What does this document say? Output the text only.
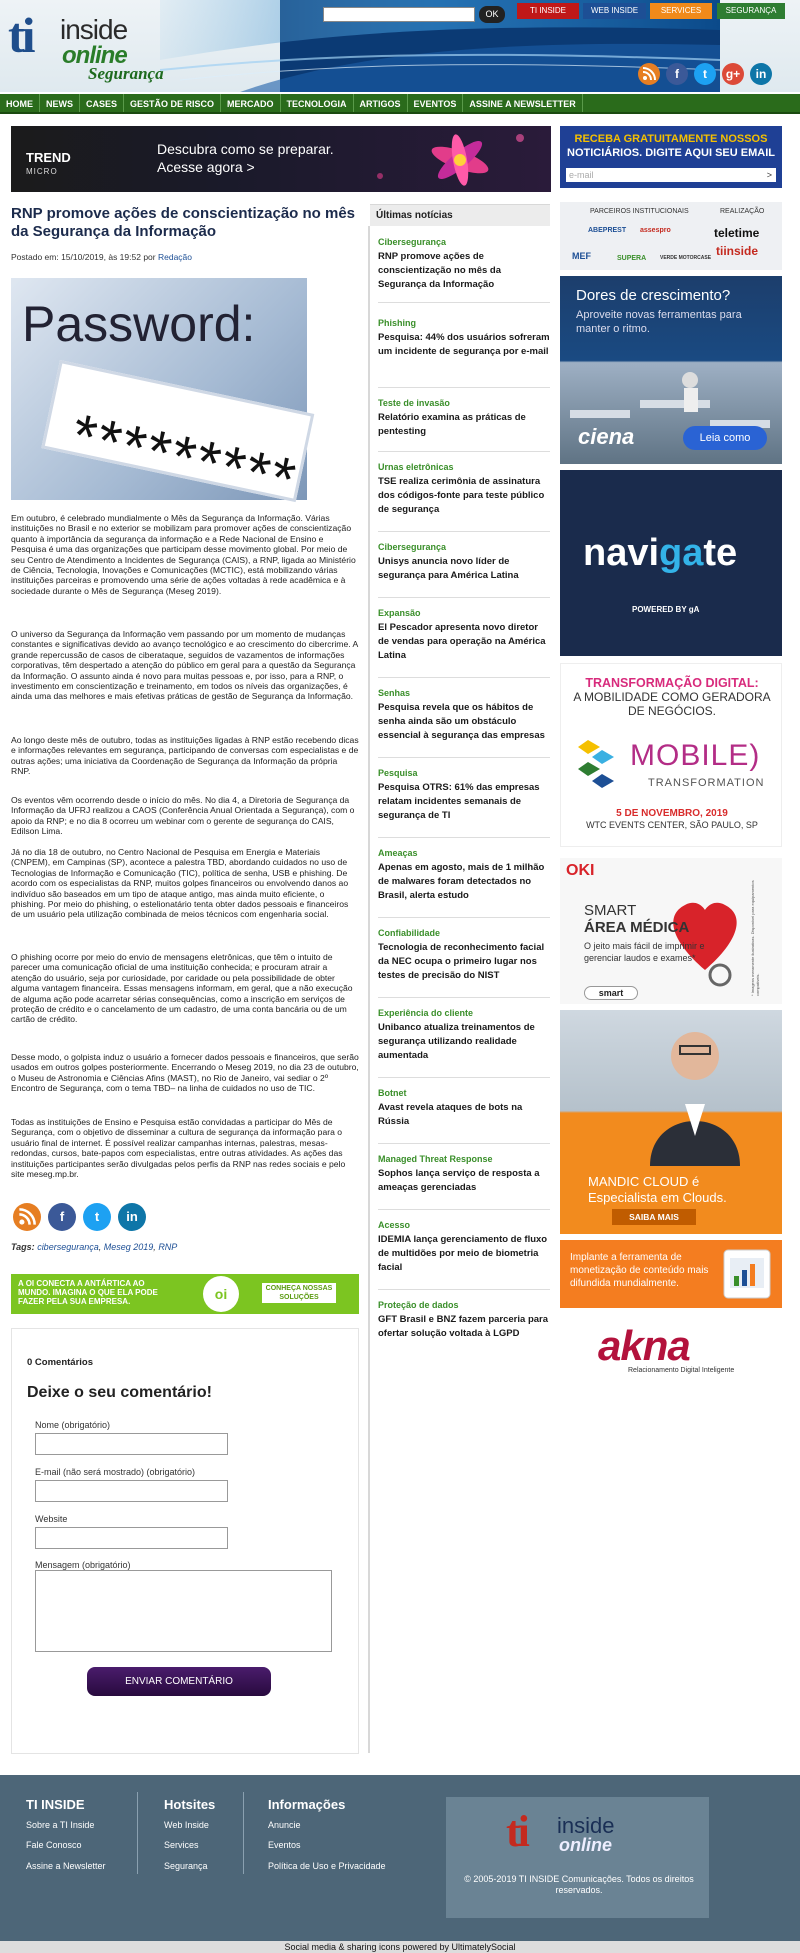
ti inside
online
Segurança
OK	TI INSIDE	WEB INSIDE	SERVICES	SEGURANÇA
f	t	g+	in
HOME	NEWS	CASES	GESTÃO DE RISCO	MERCADO	TECNOLOGIA	ARTIGOS	EVENTOS	ASSINE A NEWSLETTER
TREND
MICRO
Descubra como se preparar.
Acesse agora >
RECEBA GRATUITAMENTE NOSSOS
NOTICIÁRIOS. DIGITE AQUI SEU EMAIL
e-mail	>
RNP promove ações de conscientização no mês da Segurança da Informação
Postado em: 15/10/2019, às 19:52 por Redação
Password:
*********

Em outubro, é celebrado mundialmente o Mês da Segurança da Informação. Várias instituições no Brasil e no exterior se mobilizam para promover ações de conscientização quanto à importância da segurança da informação e a Rede Nacional de Ensino e Pesquisa é uma das organizações que participam desse movimento global. Por meio de seu Centro de Atendimento a Incidentes de Segurança (CAIS), a RNP, ligada ao Ministério de Ciência, Tecnologia, Inovações e Comunicações (MCTIC), está mobilizando várias instituições parceiras e promovendo uma série de ações voltadas à rede acadêmica e à sociedade durante o Mês de Segurança (Meseg 2019).

O universo da Segurança da Informação vem passando por um momento de mudanças constantes e significativas devido ao avanço tecnológico e ao crescimento do cibercrime. A grande repercussão de casos de ciberataque, seguidos de vazamentos de informações corporativas, têm despertado a atenção do público em geral para a questão da Segurança da Informação. O assunto ainda é novo para muitas pessoas e, por isso, para a RNP, o investimento em conscientização e treinamento, em todos os níveis das organizações, é ainda uma das melhores e mais efetivas práticas de gestão de Segurança da Informação.

Ao longo deste mês de outubro, todas as instituições ligadas à RNP estão recebendo dicas e informações relevantes em segurança, participando de conversas com especialistas e de outras ações; uma iniciativa da Coordenação de Segurança da Informação da própria RNP.

Os eventos vêm ocorrendo desde o início do mês. No dia 4, a Diretoria de Segurança da Informação da UFRJ realizou a CAOS (Conferência Anual Orientada a Segurança), com o apoio da RNP; e no dia 8 ocorreu um webinar com o gerente de segurança do CAIS, Edilson Lima.

Já no dia 18 de outubro, no Centro Nacional de Pesquisa em Energia e Materiais (CNPEM), em Campinas (SP), acontece a palestra TBD, abordando cuidados no uso de Tecnologias de Informação e Comunicação (TIC), política de senha, USB e phishing. De acordo com os especialistas da RNP, muitos golpes financeiros ou envolvendo danos ao indivíduo são baseados em um tipo de ataque antigo, mas ainda muito eficiente, o phishing. Por meio do phishing, o estelionatário tenta obter dados pessoais e financeiros de um usuário pela utilização combinada de meios técnicos com engenharia social.

O phishing ocorre por meio do envio de mensagens eletrônicas, que têm o intuito de parecer uma comunicação oficial de uma instituição conhecida; e procuram atrair a atenção do usuário, seja por curiosidade, por caridade ou pela possibilidade de obter alguma vantagem financeira. Essas mensagens informam, em geral, que a não execução de alguma ação pode acarretar sérias consequências, como a inscrição em serviços de proteção de crédito e o cancelamento de um cadastro, de uma conta bancária ou de um cartão de crédito.

Desse modo, o golpista induz o usuário a fornecer dados pessoais e financeiros, que serão usados em outros golpes posteriormente. Encerrando o Meseg 2019, no dia 23 de outubro, o Museu de Astronomia e Ciências Afins (MAST), no Rio de Janeiro, vai sediar o 2º Encontro de Segurança, com o tema TBD– na linha de cuidados no uso de TIC.

Todas as instituições de Ensino e Pesquisa estão convidadas a participar do Mês de Segurança, com o objetivo de disseminar a cultura de segurança da informação para o usuário final de internet. É possível realizar campanhas internas, palestras, mesas-redondas, cursos, bate-papos com especialistas, entre outras atividades. As ações das instituições participantes serão divulgadas pelos perfis da RNP nas redes sociais e pelo site meseg.mp.br.

f	t	in
Tags: cibersegurança, Meseg 2019, RNP
A OI CONECTA A ANTÁRTICA AO MUNDO. IMAGINA O QUE ELA PODE FAZER PELA SUA EMPRESA.	oi	CONHEÇA NOSSAS SOLUÇÕES
0 Comentários
Deixe o seu comentário!
Nome (obrigatório)
E-mail (não será mostrado) (obrigatório)
Website
Mensagem (obrigatório)
ENVIAR COMENTÁRIO
Últimas notícias
Cibersegurança
RNP promove ações de conscientização no mês da Segurança da Informação
Phishing
Pesquisa: 44% dos usuários sofreram um incidente de segurança por e-mail
Teste de invasão
Relatório examina as práticas de pentesting
Urnas eletrônicas
TSE realiza cerimônia de assinatura dos códigos-fonte para teste público de segurança
Cibersegurança
Unisys anuncia novo líder de segurança para América Latina
Expansão
El Pescador apresenta novo diretor de vendas para operação na América Latina
Senhas
Pesquisa revela que os hábitos de senha ainda são um obstáculo essencial à segurança das empresas
Pesquisa
Pesquisa OTRS: 61% das empresas relatam incidentes semanais de segurança de TI
Ameaças
Apenas em agosto, mais de 1 milhão de malwares foram detectados no Brasil, alerta estudo
Confiabilidade
Tecnologia de reconhecimento facial da NEC ocupa o primeiro lugar nos testes de precisão do NIST
Experiência do cliente
Unibanco atualiza treinamentos de segurança utilizando realidade aumentada
Botnet
Avast revela ataques de bots na Rússia
Managed Threat Response
Sophos lança serviço de resposta a ameaças gerenciadas
Acesso
IDEMIA lança gerenciamento de fluxo de multidões por meio de biometria facial
Proteção de dados
GFT Brasil e BNZ fazem parceria para ofertar solução voltada à LGPD
PARCEIROS INSTITUCIONAIS	REALIZAÇÃO
ABEPREST assespro
MEF	SUPERA	VERDE MOTORCASE
teletime
tiinside
Dores de crescimento?
Aproveite novas ferramentas para manter o ritmo.
ciena	Leia como
navigate
POWERED BY gA
TRANSFORMAÇÃO DIGITAL:
A MOBILIDADE COMO GERADORA DE NEGÓCIOS.
MOBILE)
TRANSFORMATION
5 DE NOVEMBRO, 2019
WTC EVENTS CENTER, SÃO PAULO, SP
OKI
SMART
ÁREA MÉDICA
O jeito mais fácil de imprimir e gerenciar laudos e exames*
smart	* Imagens meramente ilustrativas. Disponível para equipamentos compatíveis.
MANDIC CLOUD é
Especialista em Clouds.
SAIBA MAIS
Implante a ferramenta de monetização de conteúdo mais difundida mundialmente.
akna
Relacionamento Digital Inteligente
TI INSIDE
Sobre a TI Inside
Fale Conosco
Assine a Newsletter
Hotsites
Web Inside
Services
Segurança
Informações
Anuncie
Eventos
Política de Uso e Privacidade
ti inside
online
© 2005-2019 TI INSIDE Comunicações. Todos os direitos reservados.
Social media & sharing icons powered by UltimatelySocial
